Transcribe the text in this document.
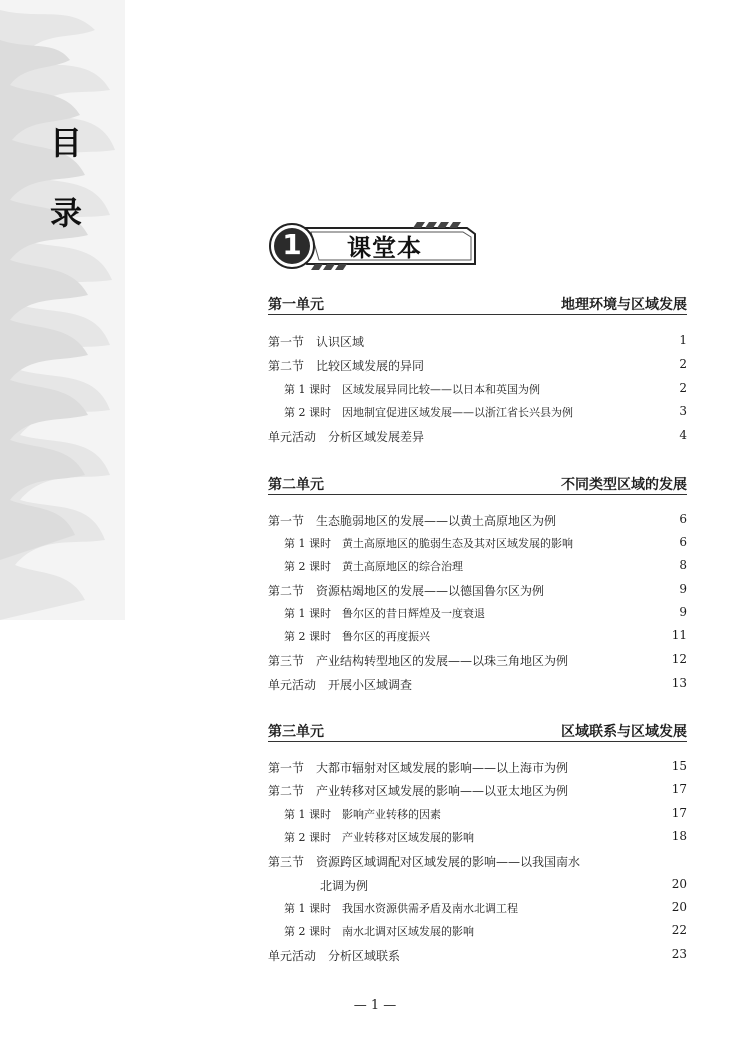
目
录
1	课堂本
第一单元	地理环境与区域发展
第一节　认识区域	1
第二节　比较区域发展的异同	2
第 1 课时　区域发展异同比较——以日本和英国为例	2
第 2 课时　因地制宜促进区域发展——以浙江省长兴县为例	3
单元活动　分析区域发展差异	4
第二单元	不同类型区域的发展
第一节　生态脆弱地区的发展——以黄土高原地区为例	6
第 1 课时　黄土高原地区的脆弱生态及其对区域发展的影响	6
第 2 课时　黄土高原地区的综合治理	8
第二节　资源枯竭地区的发展——以德国鲁尔区为例	9
第 1 课时　鲁尔区的昔日辉煌及一度衰退	9
第 2 课时　鲁尔区的再度振兴	11
第三节　产业结构转型地区的发展——以珠三角地区为例	12
单元活动　开展小区域调查	13
第三单元	区域联系与区域发展
第一节　大都市辐射对区域发展的影响——以上海市为例	15
第二节　产业转移对区域发展的影响——以亚太地区为例	17
第 1 课时　影响产业转移的因素	17
第 2 课时　产业转移对区域发展的影响	18
第三节　资源跨区域调配对区域发展的影响——以我国南水
北调为例	20
第 1 课时　我国水资源供需矛盾及南水北调工程	20
第 2 课时　南水北调对区域发展的影响	22
单元活动　分析区域联系	23
— 1 —
